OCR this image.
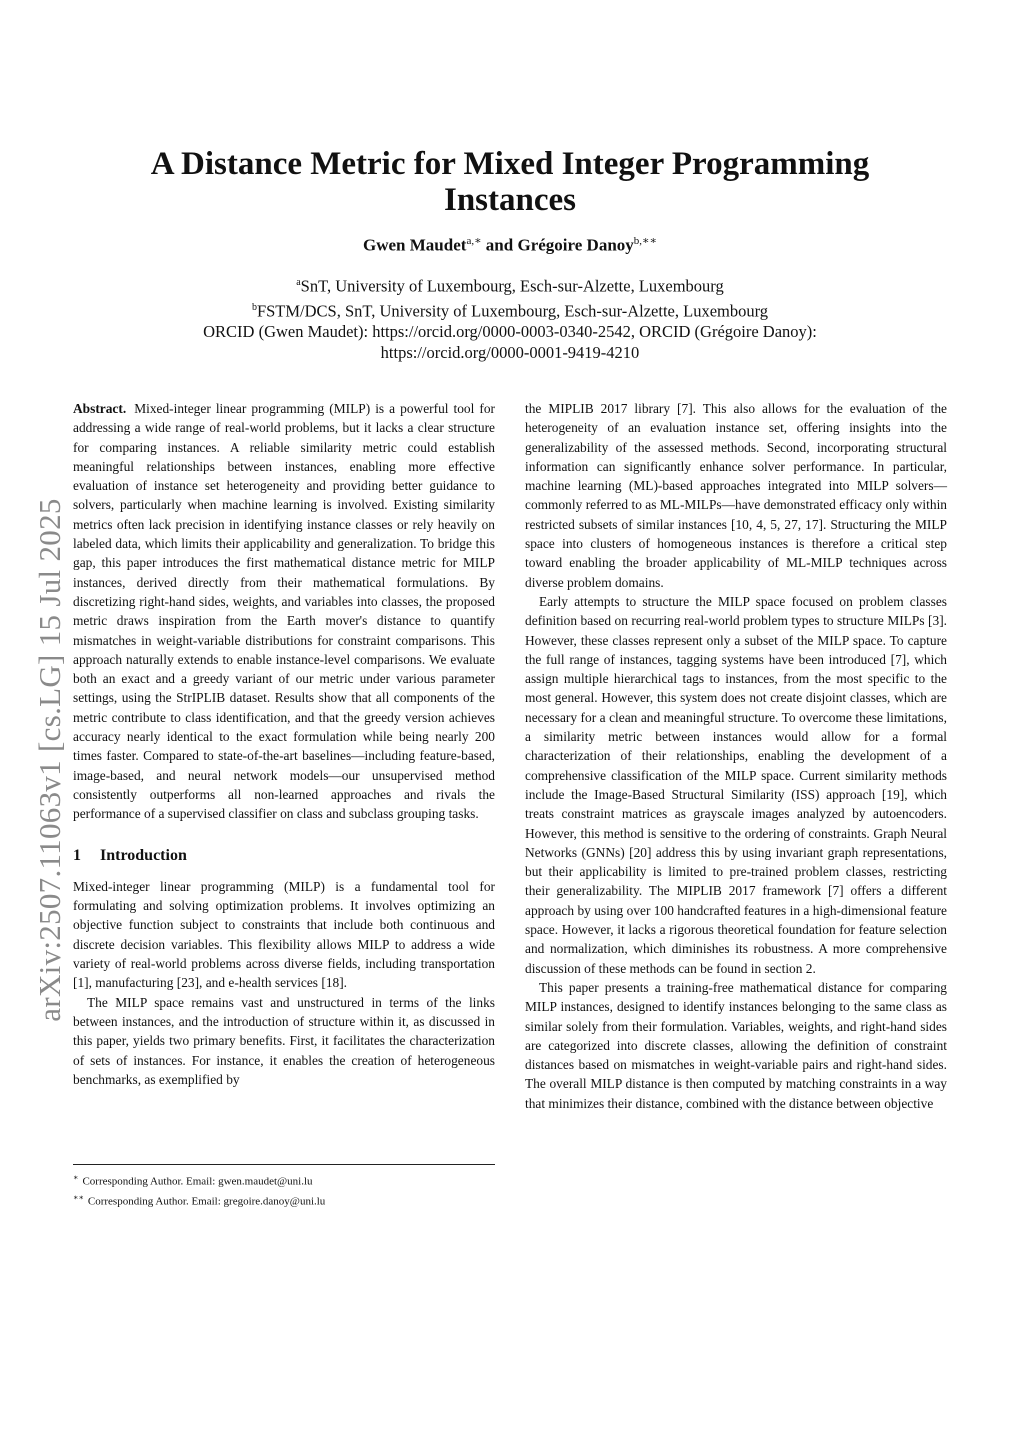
arXiv:2507.11063v1 [cs.LG] 15 Jul 2025
A Distance Metric for Mixed Integer Programming
Instances
Gwen Maudet$^{a,∗}$ and Grégoire Danoy$^{b,∗∗}$
$^a$SnT, University of Luxembourg, Esch-sur-Alzette, Luxembourg
$^b$FSTM/DCS, SnT, University of Luxembourg, Esch-sur-Alzette, Luxembourg
ORCID (Gwen Maudet): https://orcid.org/0000-0003-0340-2542, ORCID (Grégoire Danoy):
https://orcid.org/0000-0001-9419-4210

Abstract. Mixed-integer linear programming (MILP) is a powerful tool for addressing a wide range of real-world problems, but it lacks a clear structure for comparing instances. A reliable similarity metric could establish meaningful relationships between instances, enabling more effective evaluation of instance set heterogeneity and providing better guidance to solvers, particularly when machine learning is involved. Existing similarity metrics often lack precision in identifying instance classes or rely heavily on labeled data, which limits their applicability and generalization. To bridge this gap, this paper introduces the first mathematical distance metric for MILP instances, derived directly from their mathematical formulations. By discretizing right-hand sides, weights, and variables into classes, the proposed metric draws inspiration from the Earth mover's distance to quantify mismatches in weight-variable distributions for constraint comparisons. This approach naturally extends to enable instance-level comparisons. We evaluate both an exact and a greedy variant of our metric under various parameter settings, using the StrIPLIB dataset. Results show that all components of the metric contribute to class identification, and that the greedy version achieves accuracy nearly identical to the exact formulation while being nearly 200 times faster. Compared to state-of-the-art baselines—including feature-based, image-based, and neural network models—our unsupervised method consistently outperforms all non-learned approaches and rivals the performance of a supervised classifier on class and subclass grouping tasks.

1 Introduction

Mixed-integer linear programming (MILP) is a fundamental tool for formulating and solving optimization problems. It involves optimizing an objective function subject to constraints that include both continuous and discrete decision variables. This flexibility allows MILP to address a wide variety of real-world problems across diverse fields, including transportation [1], manufacturing [23], and e-health services [18].

The MILP space remains vast and unstructured in terms of the links between instances, and the introduction of structure within it, as discussed in this paper, yields two primary benefits. First, it facilitates the characterization of sets of instances. For instance, it enables the creation of heterogeneous benchmarks, as exemplified by

the MIPLIB 2017 library [7]. This also allows for the evaluation of the heterogeneity of an evaluation instance set, offering insights into the generalizability of the assessed methods. Second, incorporating structural information can significantly enhance solver performance. In particular, machine learning (ML)-based approaches integrated into MILP solvers—commonly referred to as ML-MILPs—have demonstrated efficacy only within restricted subsets of similar instances [10, 4, 5, 27, 17]. Structuring the MILP space into clusters of homogeneous instances is therefore a critical step toward enabling the broader applicability of ML-MILP techniques across diverse problem domains.

Early attempts to structure the MILP space focused on problem classes definition based on recurring real-world problem types to structure MILPs [3]. However, these classes represent only a subset of the MILP space. To capture the full range of instances, tagging systems have been introduced [7], which assign multiple hierarchical tags to instances, from the most specific to the most general. However, this system does not create disjoint classes, which are necessary for a clean and meaningful structure. To overcome these limitations, a similarity metric between instances would allow for a formal characterization of their relationships, enabling the development of a comprehensive classification of the MILP space. Current similarity methods include the Image-Based Structural Similarity (ISS) approach [19], which treats constraint matrices as grayscale images analyzed by autoencoders. However, this method is sensitive to the ordering of constraints. Graph Neural Networks (GNNs) [20] address this by using invariant graph representations, but their applicability is limited to pre-trained problem classes, restricting their generalizability. The MIPLIB 2017 framework [7] offers a different approach by using over 100 handcrafted features in a high-dimensional feature space. However, it lacks a rigorous theoretical foundation for feature selection and normalization, which diminishes its robustness. A more comprehensive discussion of these methods can be found in section 2.

This paper presents a training-free mathematical distance for comparing MILP instances, designed to identify instances belonging to the same class as similar solely from their formulation. Variables, weights, and right-hand sides are categorized into discrete classes, allowing the definition of constraint distances based on mismatches in weight-variable pairs and right-hand sides. The overall MILP distance is then computed by matching constraints in a way that minimizes their distance, combined with the distance between objective

∗ Corresponding Author. Email: gwen.maudet@uni.lu
∗∗ Corresponding Author. Email: gregoire.danoy@uni.lu
